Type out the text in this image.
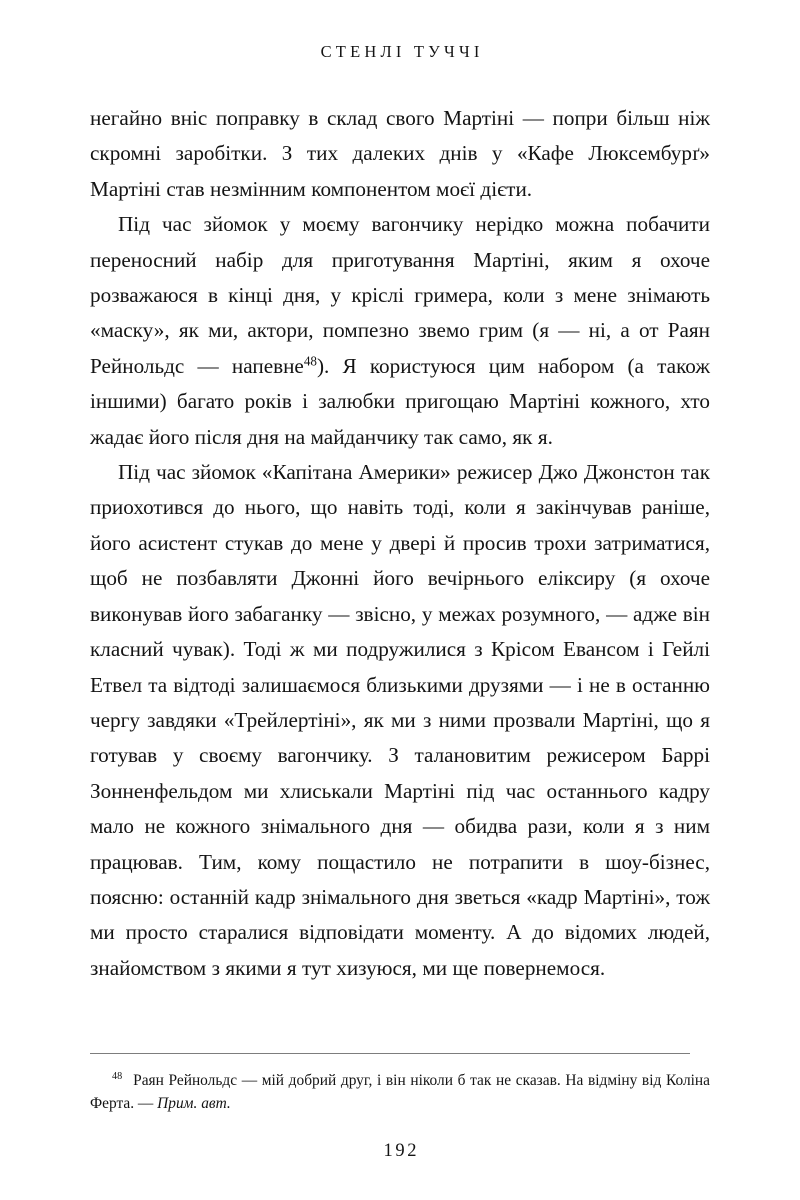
СТЕНЛІ ТУЧЧІ

негайно вніс поправку в склад свого Мартіні — попри більш ніж скромні заробітки. З тих далеких днів у «Кафе Люксембурґ» Мартіні став незмінним компонентом моєї дієти.

Під час зйомок у моєму вагончику нерідко можна побачити переносний набір для приготування Мартіні, яким я охоче розважаюся в кінці дня, у кріслі гримера, коли з мене знімають «маску», як ми, актори, помпезно звемо грим (я — ні, а от Раян Рейнольдс — напевне$^{48}$). Я користуюся цим набором (а також іншими) багато років і залюбки пригощаю Мартіні кожного, хто жадає його після дня на майданчику так само, як я.

Під час зйомок «Капітана Америки» режисер Джо Джонстон так приохотився до нього, що навіть тоді, коли я закінчував раніше, його асистент стукав до мене у двері й просив трохи затриматися, щоб не позбавляти Джонні його вечірнього еліксиру (я охоче виконував його забаганку — звісно, у межах розумного, — адже він класний чувак). Тоді ж ми подружилися з Крісом Евансом і Гейлі Етвел та відтоді залишаємося близькими друзями — і не в останню чергу завдяки «Трейлертіні», як ми з ними прозвали Мартіні, що я готував у своєму вагончику. З талановитим режисером Баррі Зонненфельдом ми хлиськали Мартіні під час останнього кадру мало не кожного знімального дня — обидва рази, коли я з ним працював. Тим, кому пощастило не потрапити в шоу-бізнес, поясню: останній кадр знімального дня зветься «кадр Мартіні», тож ми просто старалися відповідати моменту. А до відомих людей, знайомством з якими я тут хизуюся, ми ще повернемося.

$^{48}$ Раян Рейнольдс — мій добрий друг, і він ніколи б так не сказав. На відміну від Коліна Ферта. — Прим. авт.

192
